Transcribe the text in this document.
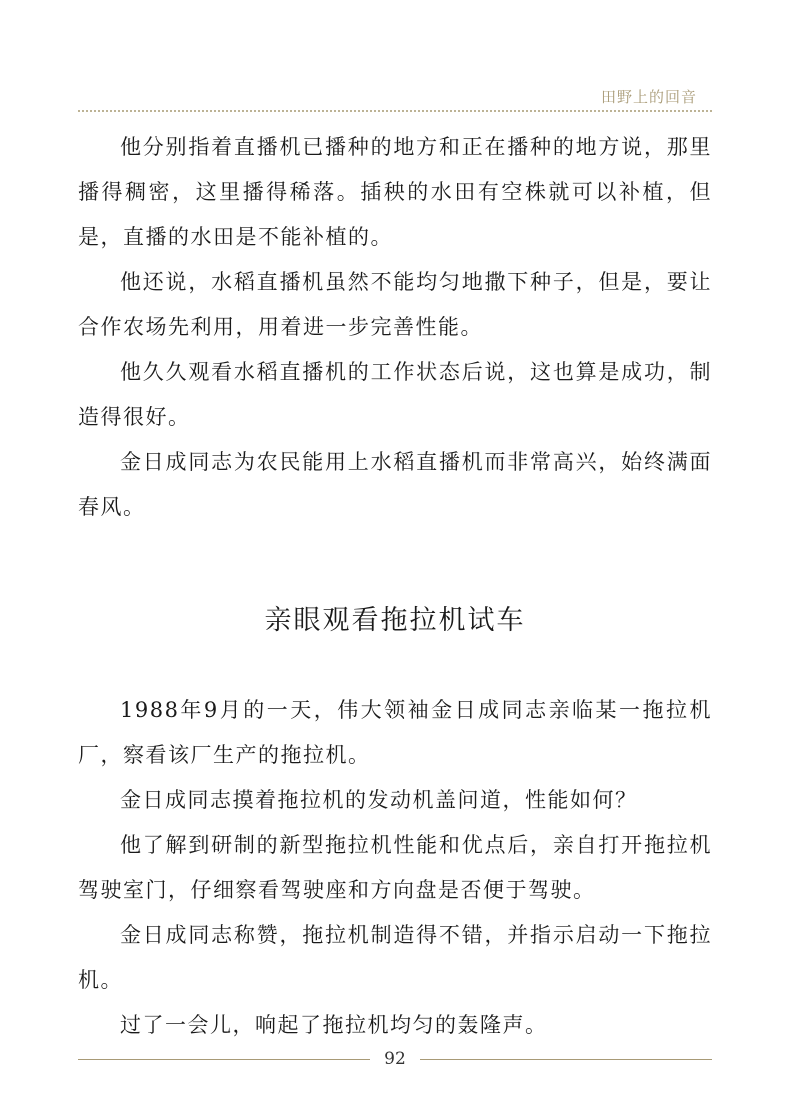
田野上的回音

他分别指着直播机已播种的地方和正在播种的地方说，那里播得稠密，这里播得稀落。插秧的水田有空株就可以补植，但是，直播的水田是不能补植的。

他还说，水稻直播机虽然不能均匀地撒下种子，但是，要让合作农场先利用，用着进一步完善性能。

他久久观看水稻直播机的工作状态后说，这也算是成功，制造得很好。

金日成同志为农民能用上水稻直播机而非常高兴，始终满面春风。

亲眼观看拖拉机试车

1988年9月的一天，伟大领袖金日成同志亲临某一拖拉机厂，察看该厂生产的拖拉机。

金日成同志摸着拖拉机的发动机盖问道，性能如何？

他了解到研制的新型拖拉机性能和优点后，亲自打开拖拉机驾驶室门，仔细察看驾驶座和方向盘是否便于驾驶。

金日成同志称赞，拖拉机制造得不错，并指示启动一下拖拉机。

过了一会儿，响起了拖拉机均匀的轰隆声。

92
